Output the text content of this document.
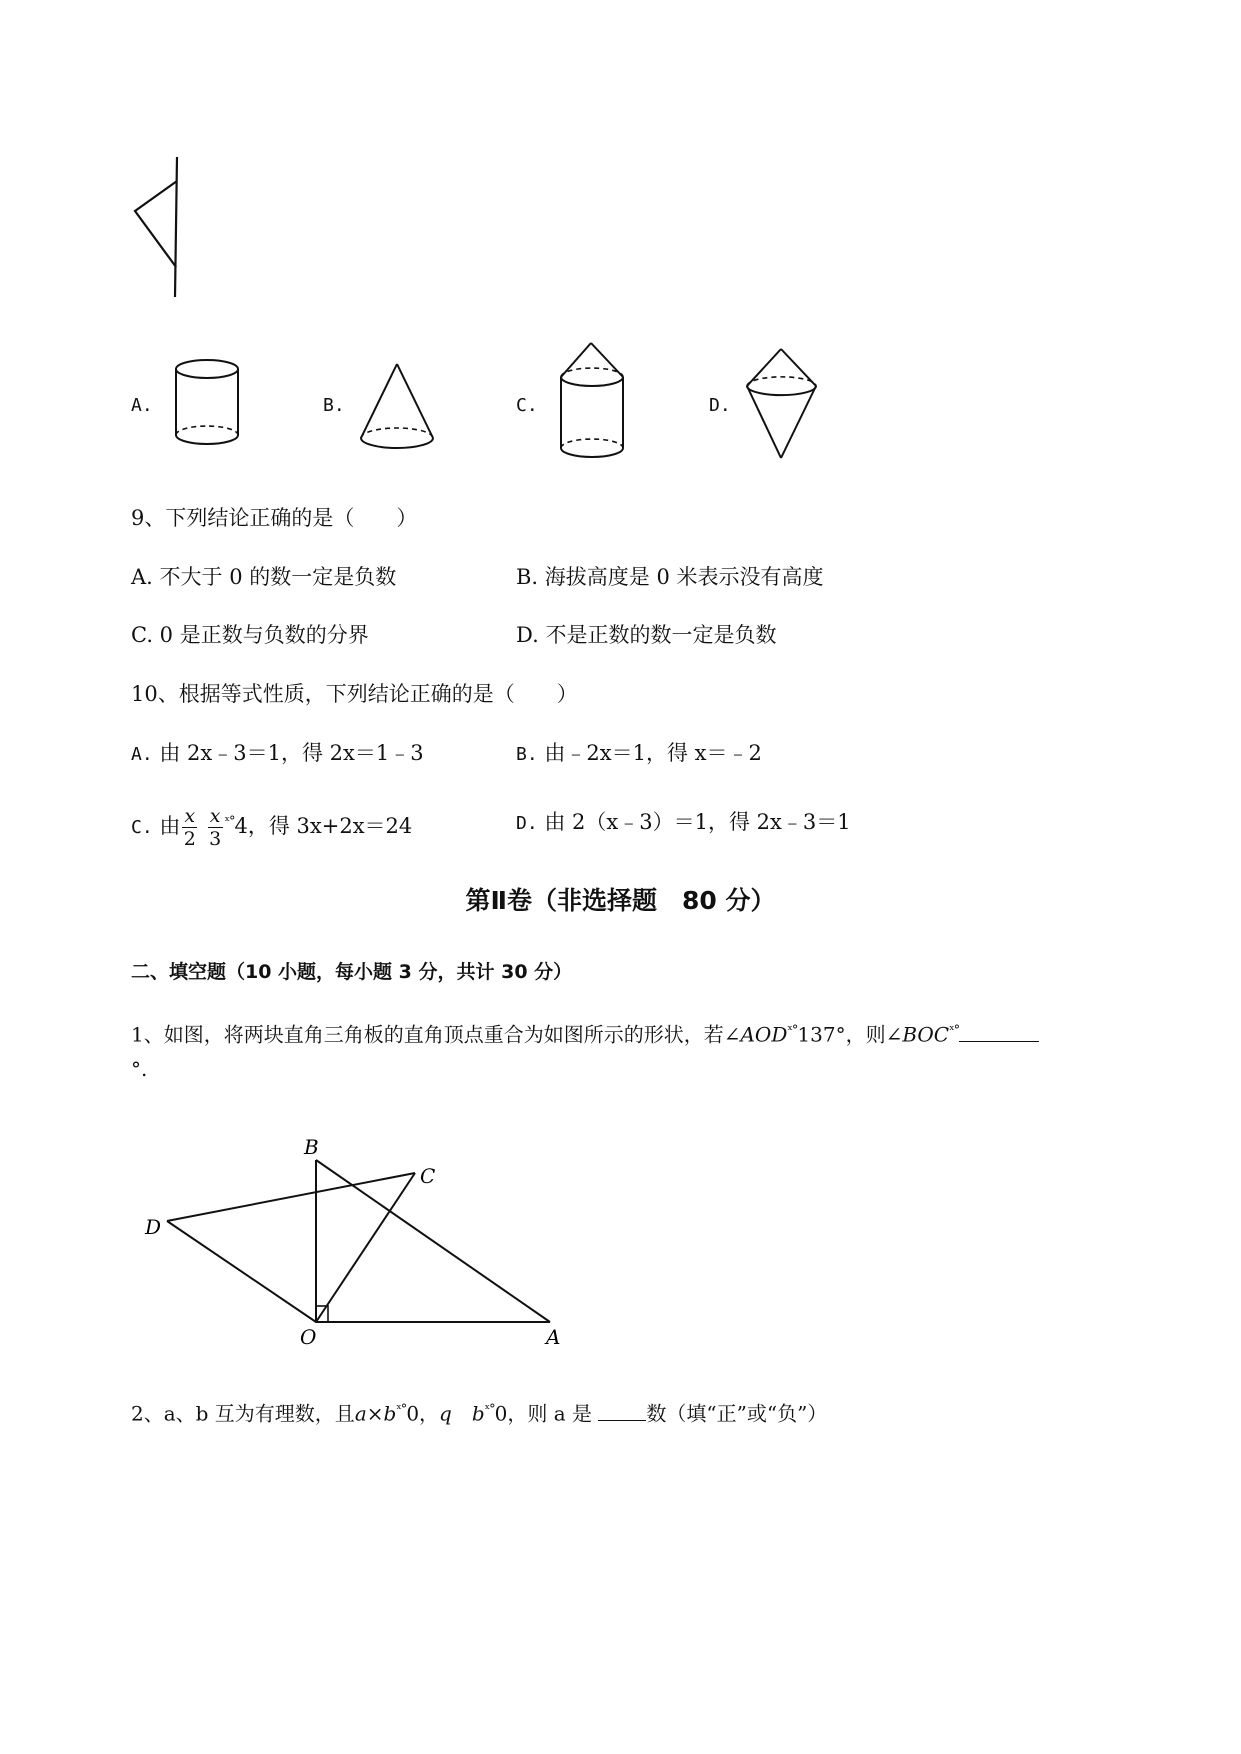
A.	B.	C.	D.
9、下列结论正确的是（　　）
A. 不大于 0 的数一定是负数	B. 海拔高度是 0 米表示没有高度
C. 0 是正数与负数的分界	D. 不是正数的数一定是负数
10、根据等式性质，下列结论正确的是（　　）
A. 由 2x﹣3＝1，得 2x＝1﹣3	B. 由﹣2x＝1，得 x＝﹣2
C. 由 $\frac{x}{2}$
$\frac{x}{3} ^{ˣ^\circ}4$，得 3x+2x＝24	D. 由 2（x﹣3）＝1，得 2x﹣3＝1
第Ⅱ卷（非选择题　80 分）
二、填空题（10 小题，每小题 3 分，共计 30 分）
1、如图，将两块直角三角板的直角顶点重合为如图所示的形状，若$\angle AOD^{ˣ^\circ}137^\circ$，则$\angle BOC^{ˣ^\circ}$
°.
B
C
D
O	A
2、a、b 互为有理数，且$a\times b^{ˣ^\circ}0$，q　$b^{ˣ^\circ}0$，则 a 是	数（填“正”或“负”）
